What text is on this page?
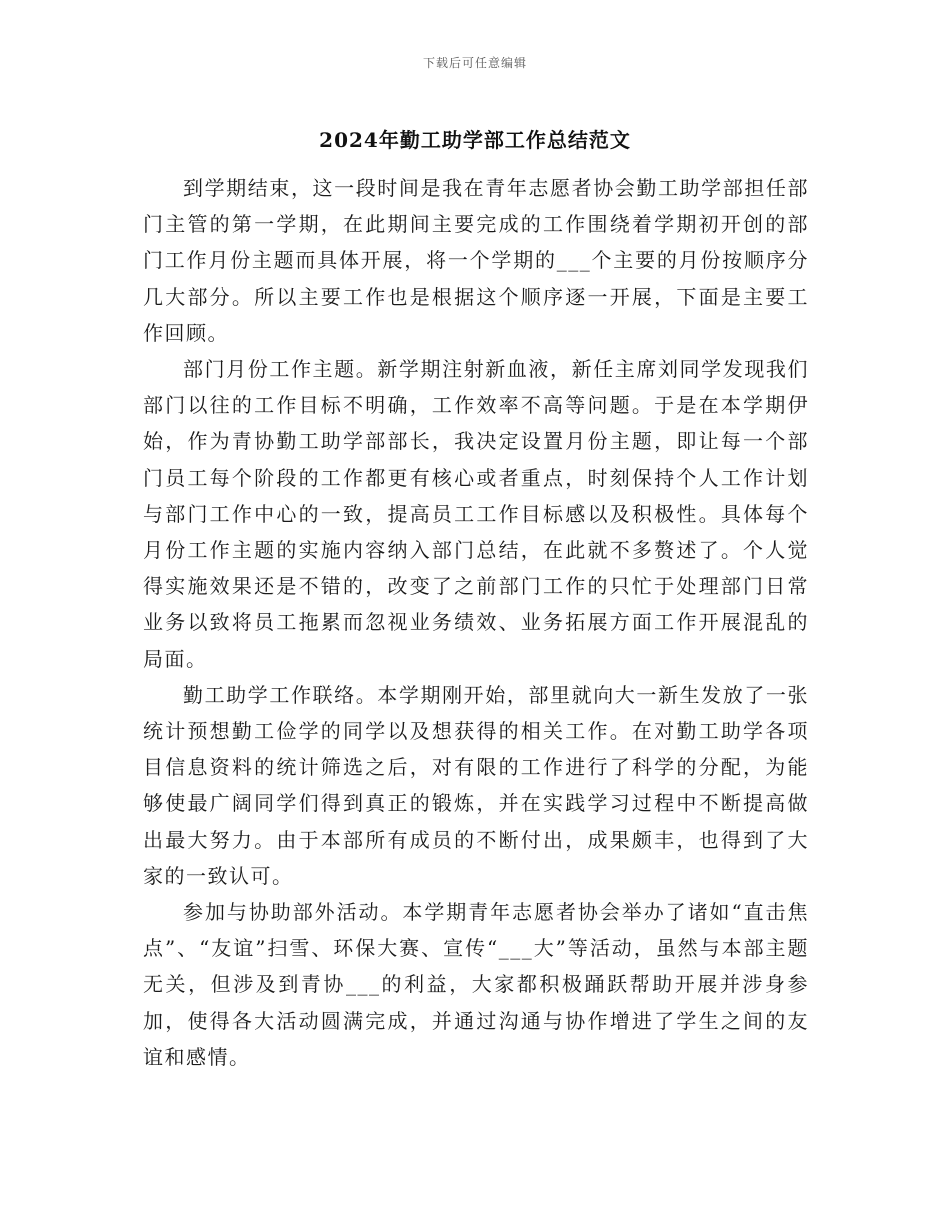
下载后可任意编辑
2024年勤工助学部工作总结范文

到学期结束，这一段时间是我在青年志愿者协会勤工助学部担任部门主管的第一学期，在此期间主要完成的工作围绕着学期初开创的部门工作月份主题而具体开展，将一个学期的___个主要的月份按顺序分几大部分。所以主要工作也是根据这个顺序逐一开展，下面是主要工作回顾。

部门月份工作主题。新学期注射新血液，新任主席刘同学发现我们部门以往的工作目标不明确，工作效率不高等问题。于是在本学期伊始，作为青协勤工助学部部长，我决定设置月份主题，即让每一个部门员工每个阶段的工作都更有核心或者重点，时刻保持个人工作计划与部门工作中心的一致，提高员工工作目标感以及积极性。具体每个月份工作主题的实施内容纳入部门总结，在此就不多赘述了。个人觉得实施效果还是不错的，改变了之前部门工作的只忙于处理部门日常业务以致将员工拖累而忽视业务绩效、业务拓展方面工作开展混乱的局面。

勤工助学工作联络。本学期刚开始，部里就向大一新生发放了一张统计预想勤工俭学的同学以及想获得的相关工作。在对勤工助学各项目信息资料的统计筛选之后，对有限的工作进行了科学的分配，为能够使最广阔同学们得到真正的锻炼，并在实践学习过程中不断提高做出最大努力。由于本部所有成员的不断付出，成果颇丰，也得到了大家的一致认可。

参加与协助部外活动。本学期青年志愿者协会举办了诸如“直击焦点”、“友谊”扫雪、环保大赛、宣传“___大”等活动，虽然与本部主题无关，但涉及到青协___的利益，大家都积极踊跃帮助开展并涉身参加，使得各大活动圆满完成，并通过沟通与协作增进了学生之间的友谊和感情。
